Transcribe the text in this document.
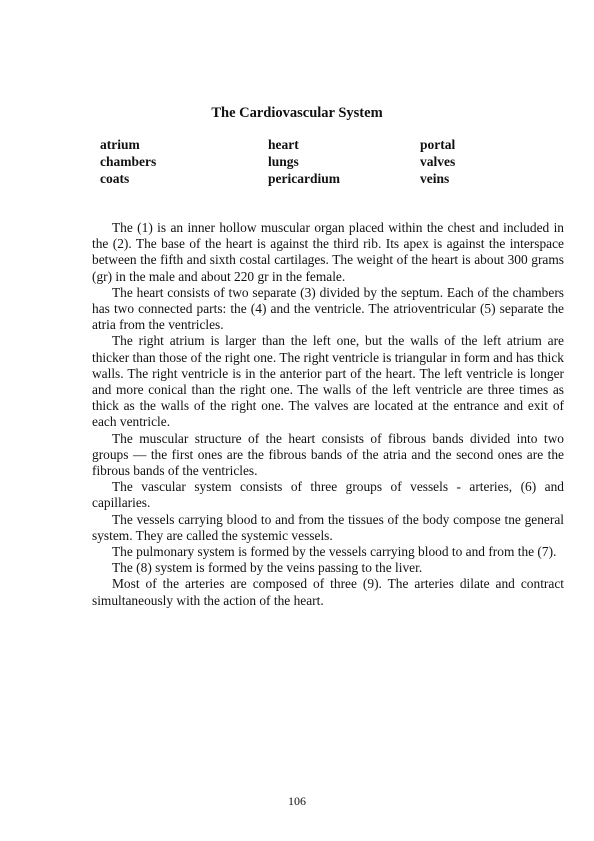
The Cardiovascular System
atrium
chambers
coats
heart
lungs
pericardium
portal
valves
veins

The (1) is an inner hollow muscular organ placed within the chest and included in the (2). The base of the heart is against the third rib. Its apex is against the interspace between the fifth and sixth costal cartilages. The weight of the heart is about 300 grams (gr) in the male and about 220 gr in the female.

The heart consists of two separate (3) divided by the septum. Each of the chambers has two connected parts: the (4) and the ventricle. The atrioventricular (5) separate the atria from the ventricles.

The right atrium is larger than the left one, but the walls of the left atrium are thicker than those of the right one. The right ventricle is triangular in form and has thick walls. The right ventricle is in the anterior part of the heart. The left ventricle is longer and more conical than the right one. The walls of the left ventricle are three times as thick as the walls of the right one. The valves are located at the entrance and exit of each ventricle.

The muscular structure of the heart consists of fibrous bands divided into two groups — the first ones are the fibrous bands of the atria and the second ones are the fibrous bands of the ventricles.

The vascular system consists of three groups of vessels - arteries, (6) and capillaries.

The vessels carrying blood to and from the tissues of the body compose tne general system. They are called the systemic vessels.

The pulmonary system is formed by the vessels carrying blood to and from the (7).

The (8) system is formed by the veins passing to the liver.

Most of the arteries are composed of three (9). The arteries dilate and contract simultaneously with the action of the heart.

106
